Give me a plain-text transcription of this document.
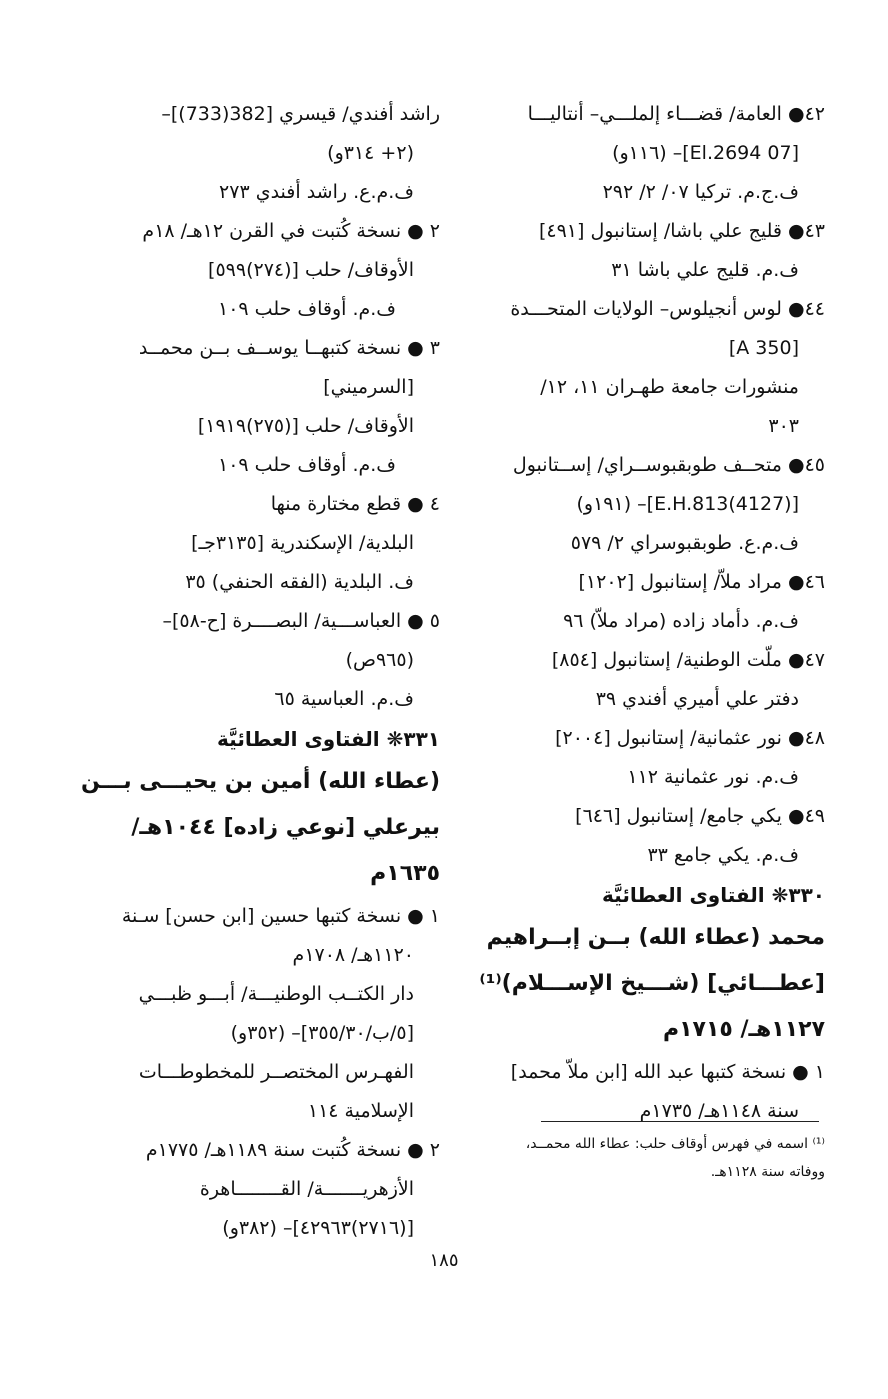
٤٢● العامة/ قضـــاء إلملـــي– أنتاليـــا
[07 El.2694]– (١١٦و)
ف.ج.م. تركيا ٠٧/ ٢/ ٢٩٢
٤٣● قليج علي باشا/ إستانبول [٤٩١]
ف.م. قليج علي باشا ٣١
٤٤● لوس أنجيلوس– الولايات المتحـــدة
[A 350]
منشورات جامعة طهـران ١١، ١٢/
٣٠٣
٤٥● متحــف طوبقبوســراي/ إســتانبول
[E.H.813(4127)]– (١٩١و)
ف.م.ع. طوبقبوسراي ٢/ ٥٧٩
٤٦● مراد ملاّ/ إستانبول [١٢٠٢]
ف.م. دأماد زاده (مراد ملاّ) ٩٦
٤٧● ملّت الوطنية/ إستانبول [٨٥٤]
دفتر علي أميري أفندي ٣٩
٤٨● نور عثمانية/ إستانبول [٢٠٠٤]
ف.م. نور عثمانية ١١٢
٤٩● يكي جامع/ إستانبول [٦٤٦]
ف.م. يكي جامع ٣٣
٣٣٠❋ الفتاوى العطائيَّة
محمد (عطاء الله) بــن إبــراهيم
[عطـــائي] (شـــيخ الإســـلام)⁽¹⁾
١١٢٧هـ/ ١٧١٥م
١ ● نسخة كتبها عبد الله [ابن ملاّ محمد]
سنة ١١٤٨هـ/ ١٧٣٥م
راشد أفندي/ قيسري [382(733)]–
(٢+ ٣١٤و)
ف.م.ع. راشد أفندي ٢٧٣
٢ ● نسخة كُتبت في القرن ١٢هـ/ ١٨م
الأوقاف/ حلب [(٢٧٤)٥٩٩]
ف.م. أوقاف حلب ١٠٩
٣ ● نسخة كتبهــا يوســف بــن محمــد
[السرميني]
الأوقاف/ حلب [(٢٧٥)١٩١٩]
ف.م. أوقاف حلب ١٠٩
٤ ● قطع مختارة منها
البلدية/ الإسكندرية [٣١٣٥جـ]
ف. البلدية (الفقه الحنفي) ٣٥
٥ ● العباســـية/ البصــــرة [ح-٥٨]–
(٩٦٥ص)
ف.م. العباسية ٦٥
٣٣١❋ الفتاوى العطائيَّة
(عطاء الله) أمين بن يحيـــى بـــن
بيرعلي [نوعي زاده] ١٠٤٤هـ/
١٦٣٥م
١ ● نسخة كتبها حسين [ابن حسن] سـنة
١١٢٠هـ/ ١٧٠٨م
دار الكتــب الوطنيـــة/ أبـــو ظبـــي
[٥/ب/٣٥٥/٣٠]– (٣٥٢و)
الفهـرس المختصــر للمخطوطـــات
الإسلامية ١١٤
٢ ● نسخة كُتبت سنة ١١٨٩هـ/ ١٧٧٥م
الأزهريـــــــة/ القــــــــاهرة
[(٢٧١٦)٤٢٩٦٣]– (٣٨٢و)
⁽¹⁾ اسمه في فهرس أوقاف حلب: عطاء الله محمــد،
ووفاته سنة ١١٢٨هـ.
١٨٥
